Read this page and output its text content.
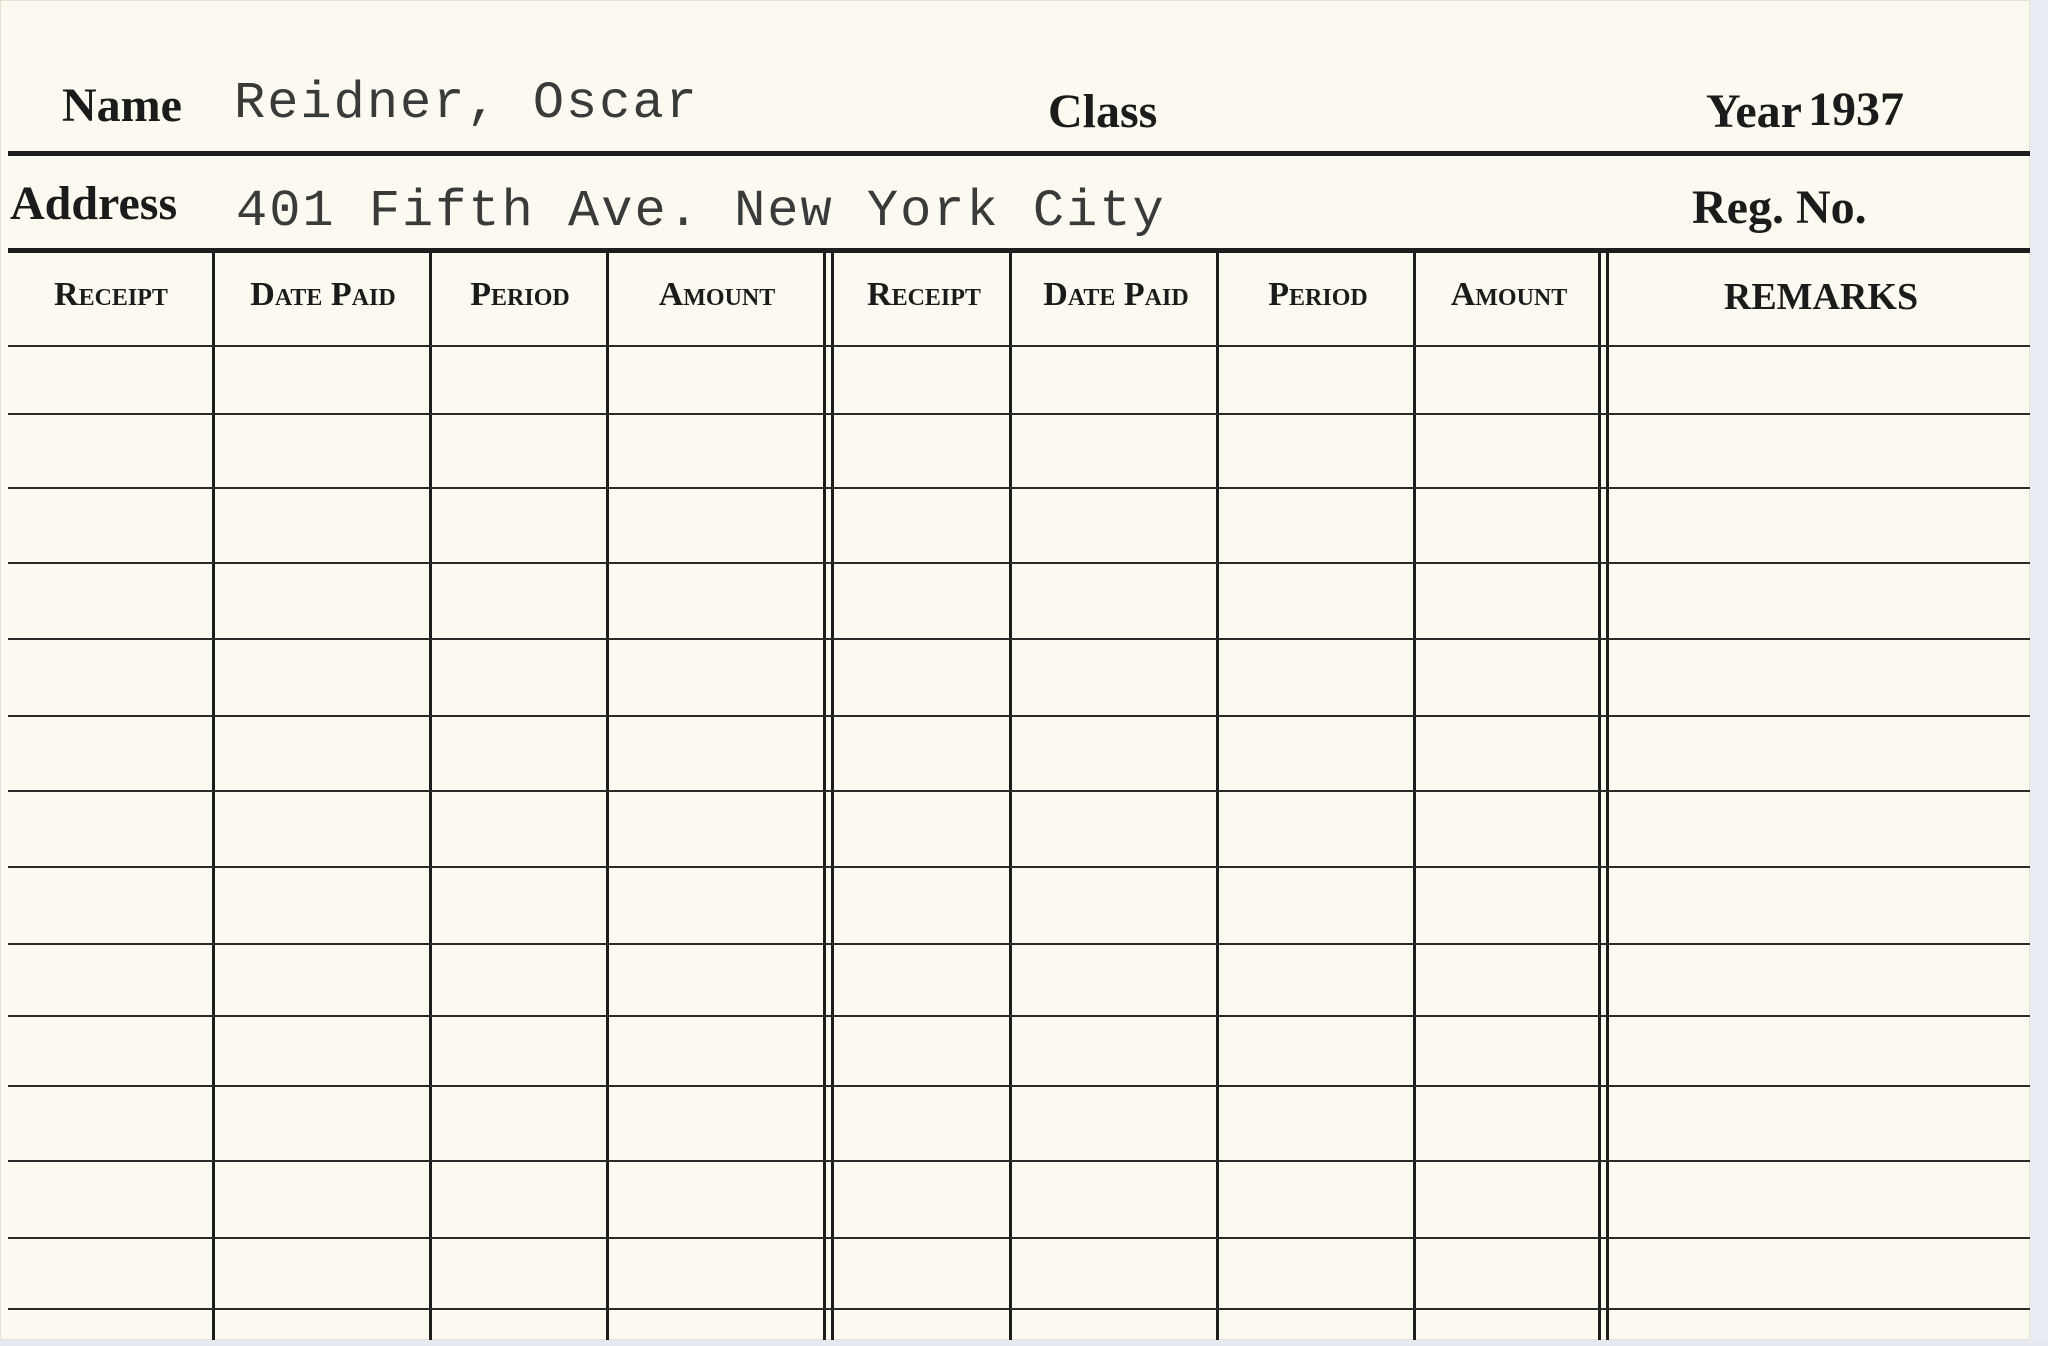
Name Reidner, Oscar	Class	Year 1937
Address 401 Fifth Ave. New York City	Reg. No.
Receipt	Date Paid	Period	Amount	Receipt	Date Paid	Period	Amount	REMARKS
